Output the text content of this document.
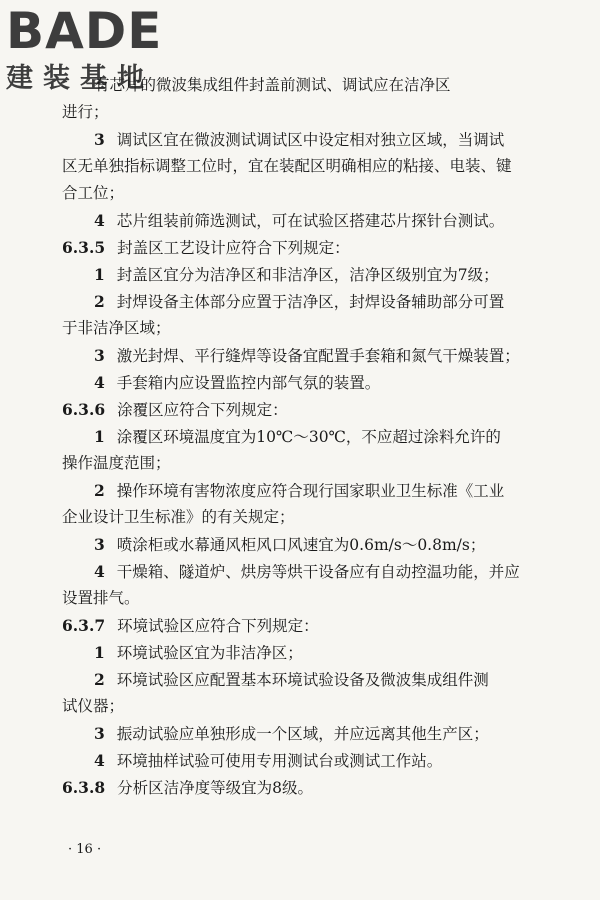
BADE
建装基地
有芯片的微波集成组件封盖前测试、调试应在洁净区
进行；
3 调试区宜在微波测试调试区中设定相对独立区域，当调试
区无单独指标调整工位时，宜在装配区明确相应的粘接、电装、键
合工位；
4 芯片组装前筛选测试，可在试验区搭建芯片探针台测试。
6.3.5 封盖区工艺设计应符合下列规定：
1 封盖区宜分为洁净区和非洁净区，洁净区级别宜为7级；
2 封焊设备主体部分应置于洁净区，封焊设备辅助部分可置
于非洁净区域；
3 激光封焊、平行缝焊等设备宜配置手套箱和氮气干燥装置；
4 手套箱内应设置监控内部气氛的装置。
6.3.6 涂覆区应符合下列规定：
1 涂覆区环境温度宜为10℃～30℃，不应超过涂料允许的
操作温度范围；
2 操作环境有害物浓度应符合现行国家职业卫生标准《工业
企业设计卫生标准》的有关规定；
3 喷涂柜或水幕通风柜风口风速宜为0.6m/s～0.8m/s；
4 干燥箱、隧道炉、烘房等烘干设备应有自动控温功能，并应
设置排气。
6.3.7 环境试验区应符合下列规定：
1 环境试验区宜为非洁净区；
2 环境试验区应配置基本环境试验设备及微波集成组件测
试仪器；
3 振动试验应单独形成一个区域，并应远离其他生产区；
4 环境抽样试验可使用专用测试台或测试工作站。
6.3.8 分析区洁净度等级宜为8级。
· 16 ·
